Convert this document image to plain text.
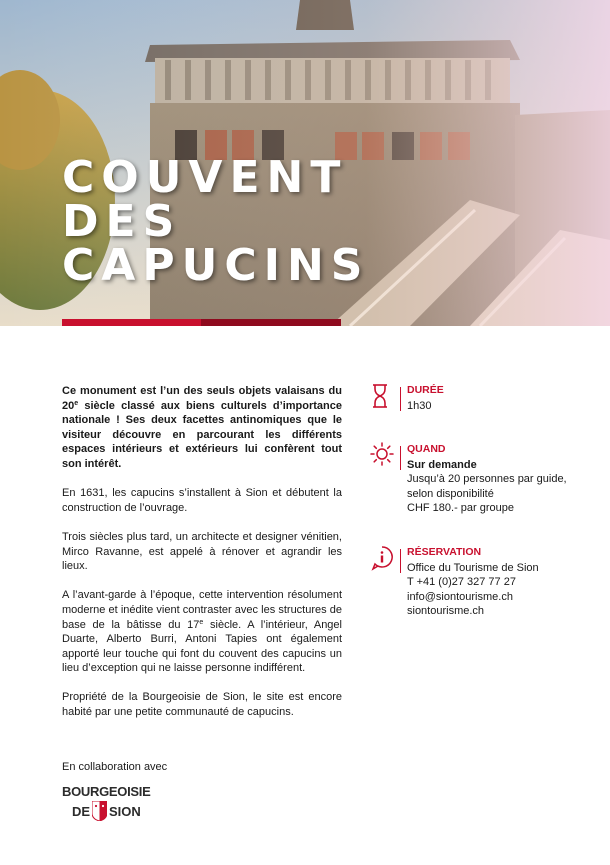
COUVENT
DES
CAPUCINS

Ce monument est l’un des seuls objets valaisans du 20e siècle classé aux biens culturels d’importance nationale ! Ses deux facettes antinomiques que le visiteur découvre en parcourant les différents espaces intérieurs et extérieurs lui confèrent tout son intérêt.

En 1631, les capucins s’installent à Sion et débutent la construction de l’ouvrage.

Trois siècles plus tard, un architecte et designer vénitien, Mirco Ravanne, est appelé à rénover et agrandir les lieux.

A l’avant-garde à l’époque, cette intervention résolument moderne et inédite vient contraster avec les structures de base de la bâtisse du 17e siècle. A l’intérieur, Angel Duarte, Alberto Burri, Antoni Tapies ont également apporté leur touche qui font du couvent des capucins un lieu d’exception qui ne laisse personne indifférent.

Propriété de la Bourgeoisie de Sion, le site est encore habité par une petite communauté de capucins.

En collaboration avec
BOURGEOISIE
DE SION
DURÉE
1h30
QUAND
Sur demande
Jusqu’à 20 personnes par guide,
selon disponibilité
CHF 180.- par groupe
RÉSERVATION
Office du Tourisme de Sion
T +41 (0)27 327 77 27
info@siontourisme.ch
siontourisme.ch
